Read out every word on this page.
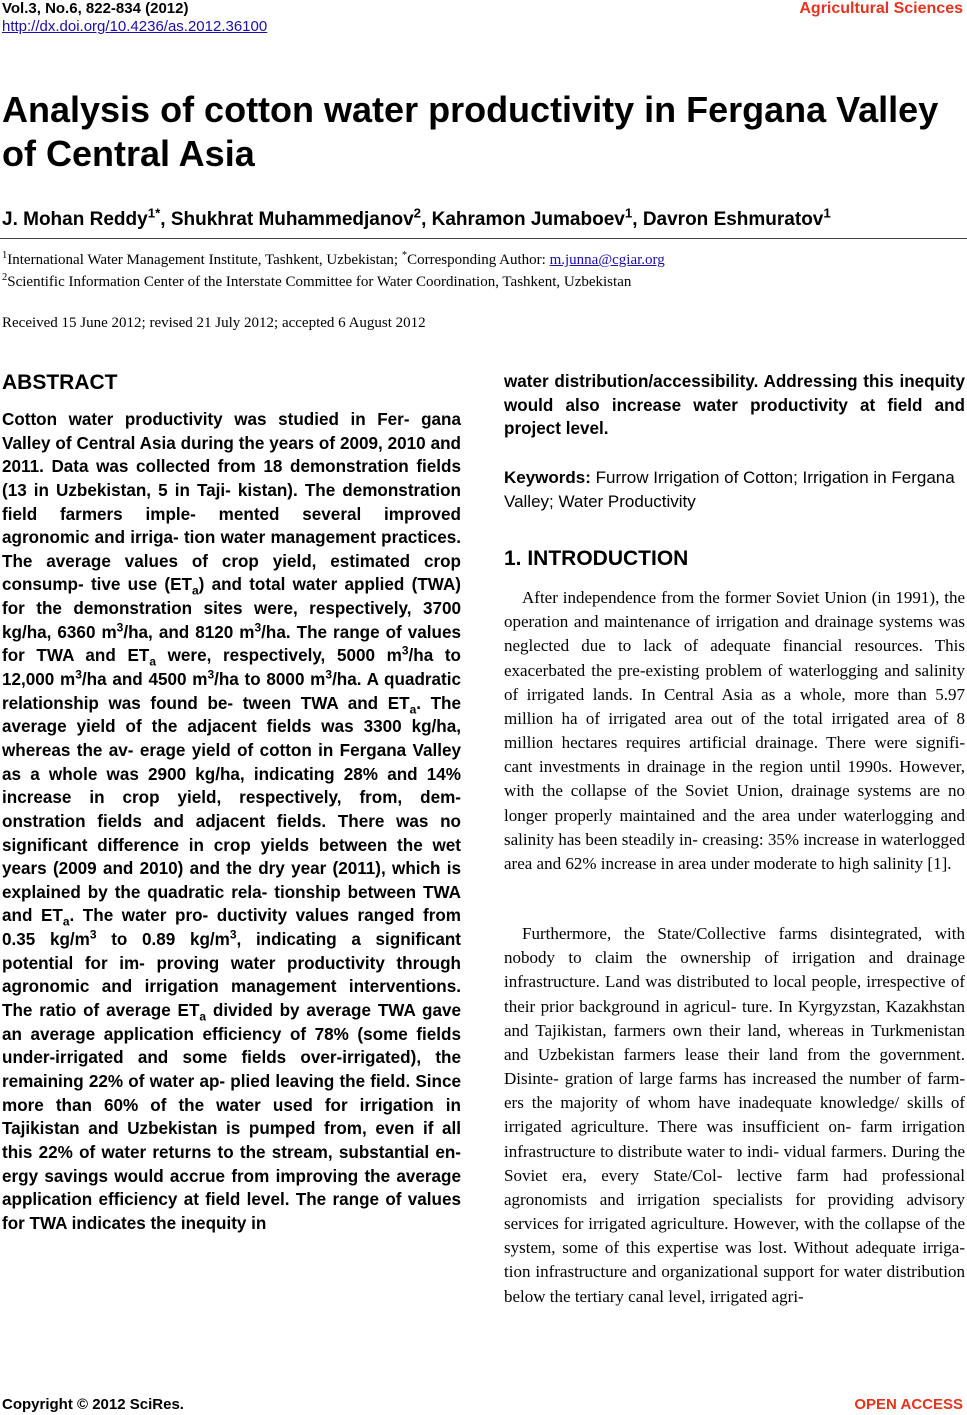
Vol.3, No.6, 822-834 (2012)
http://dx.doi.org/10.4236/as.2012.36100
Agricultural Sciences
Analysis of cotton water productivity in Fergana Valley of Central Asia
J. Mohan Reddy$^{1*}$, Shukhrat Muhammedjanov$^2$, Kahramon Jumaboev$^1$, Davron Eshmuratov$^1$
$^1$International Water Management Institute, Tashkent, Uzbekistan; *Corresponding Author: m.junna@cgiar.org
$^2$Scientific Information Center of the Interstate Committee for Water Coordination, Tashkent, Uzbekistan
Received 15 June 2012; revised 21 July 2012; accepted 6 August 2012
ABSTRACT

Cotton water productivity was studied in Fer- gana Valley of Central Asia during the years of 2009, 2010 and 2011. Data was collected from 18 demonstration fields (13 in Uzbekistan, 5 in Taji- kistan). The demonstration field farmers imple- mented several improved agronomic and irriga- tion water management practices. The average values of crop yield, estimated crop consump- tive use $(ET_a)$ and total water applied (TWA) for the demonstration sites were, respectively, 3700 kg/ha, 6360 $m^3/ha$, and 8120 $m^3/ha$. The range of values for TWA and $ET_a$ were, respectively, 5000 $m^3/ha$ to 12,000 $m^3/ha$ and 4500 $m^3/ha$ to 8000 $m^3/ha$. A quadratic relationship was found be- tween TWA and $ET_a$. The average yield of the adjacent fields was 3300 kg/ha, whereas the av- erage yield of cotton in Fergana Valley as a whole was 2900 kg/ha, indicating 28% and 14% increase in crop yield, respectively, from, dem- onstration fields and adjacent fields. There was no significant difference in crop yields between the wet years (2009 and 2010) and the dry year (2011), which is explained by the quadratic rela- tionship between TWA and $ET_a$. The water pro- ductivity values ranged from 0.35 $kg/m^3$ to 0.89 $kg/m^3$, indicating a significant potential for im- proving water productivity through agronomic and irrigation management interventions. The ratio of average $ET_a$ divided by average TWA gave an average application efficiency of 78% (some fields under-irrigated and some fields over-irrigated), the remaining 22% of water ap- plied leaving the field. Since more than 60% of the water used for irrigation in Tajikistan and Uzbekistan is pumped from, even if all this 22% of water returns to the stream, substantial en- ergy savings would accrue from improving the average application efficiency at field level. The range of values for TWA indicates the inequity in

water distribution/accessibility. Addressing this inequity would also increase water productivity at field and project level.

Keywords: Furrow Irrigation of Cotton; Irrigation in Fergana Valley; Water Productivity

1. INTRODUCTION

After independence from the former Soviet Union (in 1991), the operation and maintenance of irrigation and drainage systems was neglected due to lack of adequate financial resources. This exacerbated the pre-existing problem of waterlogging and salinity of irrigated lands. In Central Asia as a whole, more than 5.97 million ha of irrigated area out of the total irrigated area of 8 million hectares requires artificial drainage. There were signifi- cant investments in drainage in the region until 1990s. However, with the collapse of the Soviet Union, drainage systems are no longer properly maintained and the area under waterlogging and salinity has been steadily in- creasing: 35% increase in waterlogged area and 62% increase in area under moderate to high salinity [1].

Furthermore, the State/Collective farms disintegrated, with nobody to claim the ownership of irrigation and drainage infrastructure. Land was distributed to local people, irrespective of their prior background in agricul- ture. In Kyrgyzstan, Kazakhstan and Tajikistan, farmers own their land, whereas in Turkmenistan and Uzbekistan farmers lease their land from the government. Disinte- gration of large farms has increased the number of farm- ers the majority of whom have inadequate knowledge/ skills of irrigated agriculture. There was insufficient on- farm irrigation infrastructure to distribute water to indi- vidual farmers. During the Soviet era, every State/Col- lective farm had professional agronomists and irrigation specialists for providing advisory services for irrigated agriculture. However, with the collapse of the system, some of this expertise was lost. Without adequate irriga- tion infrastructure and organizational support for water distribution below the tertiary canal level, irrigated agri-

Copyright © 2012 SciRes.	OPEN ACCESS
